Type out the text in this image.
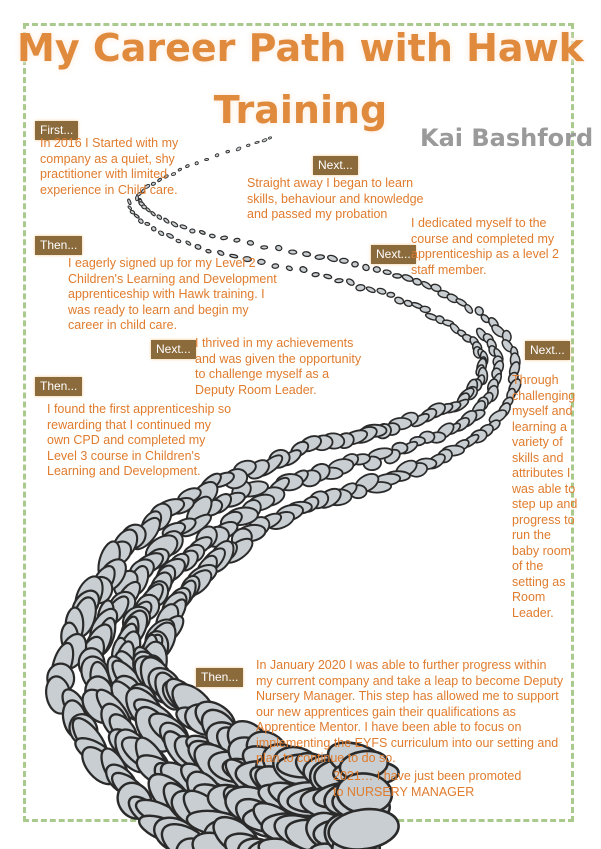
My Career Path with Hawk
Training
Kai Bashford
First...

In 2016 I Started with my company as a quiet, shy practitioner with limited experience in Child care.

Next...

Straight away I began to learn skills, behaviour and knowledge and passed my probation

Next...

I dedicated myself to the course and completed my apprenticeship as a level 2 staff member.

Then...

I eagerly signed up for my Level 2 Children's Learning and Development apprenticeship with Hawk training. I was ready to learn and begin my career in child care.

Next... I thrived in my achievements and was given the opportunity to challenge myself as a Deputy Room Leader.

Next...

Through challenging myself and learning a variety of skills and attributes I was able to step up and progress to run the baby room of the setting as Room Leader.

Then...

I found the first apprenticeship so rewarding that I continued my own CPD and completed my Level 3 course in Children's Learning and Development.

Then...

In January 2020 I was able to further progress within my current company and take a leap to become Deputy Nursery Manager. This step has allowed me to support our new apprentices gain their qualifications as Apprentice Mentor. I have been able to focus on implementing the EYFS curriculum into our setting and plan to continue to do so.

2021… I have just been promoted to NURSERY MANAGER
